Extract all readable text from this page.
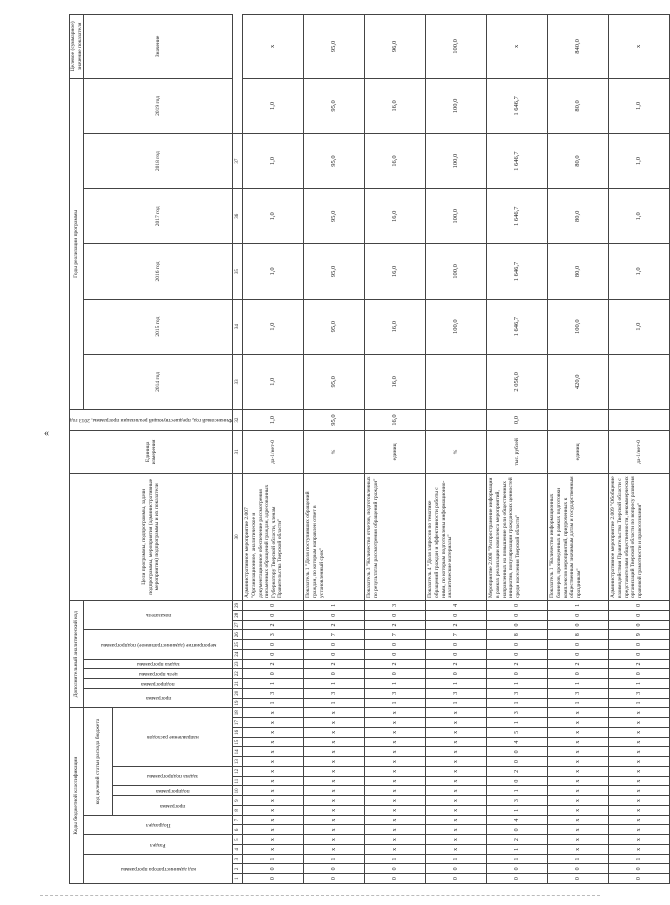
«
Коды бюджетной классификации																		Дополнительный аналитический код											Цели программы, подпрограммы, задачи подпрограммы, мероприятия (административные мероприятия) подпрограммы и их показатели	Единица измерения	Финансовый год, предшествующий реализации программы, 2013 год	Годы реализации программы						Целевое (суммарное) значение показателя

код администратора программы			Раздел		Подраздел		код целевой статьи расхода бюджета											программа		подпрограмма	цель программы	задача программы	мероприятие (административное) подпрограммы			показатель						2014 год	2015 год	2016 год	2017 год	2018 год	2019 год	Значение

							программа		подпрограмма	задача подпрограммы		направление расходов																										

1	2	3	4	5	6	7	8	9	10	11	12	13	14	15	16	17	18	19	20	21	22	23	24	25	26	27	28	29	30	31	32	33	34	35	36	37		
0	0	1	x	x	x	x	x	x	x	x	x	x	x	x	x	x	x	1	3	1	0	2	0	0	3	2	0	0	Административное мероприятие 2.007 "Организационное, аналитическое и документационное обеспечение рассмотрения письменных обращений граждан, адресованных Губернатору Тверской области, членам Правительства Тверской области"	да-1/нет-0	1,0	1,0	1,0	1,0	1,0	1,0	1,0	x
0	0	1	x	x	x	x	x	x	x	x	x	x	x	x	x	x	x	1	3	1	0	2	0	0	7	2	0	1	Показатель 1 "Доля поступивших обращений граждан, по которым направлен ответ в установленный срок"	%	95,0	95,0	95,0	95,0	95,0	95,0	95,0	95,0
0	0	1	x	x	x	x	x	x	x	x	x	x	x	x	x	x	x	1	3	1	0	2	0	0	7	2	0	3	Показатель 3 "Количество отчетов, подготовленных по результатам рассмотрения обращений граждан"	единиц	16,0	16,0	16,0	16,0	16,0	16,0	16,0	96,0
0	0	1	x	x	x	x	x	x	x	x	x	x	x	x	x	x	x	1	3	1	0	2	0	0	7	2	0	4	Показатель 4 "Доля запросов по тематике обращений граждан и эффективности работы с ними, по которым подготовлены информационно-аналитические материалы"	%			100,0	100,0	100,0	100,0	100,0	100,0
0	0	1	1	2	0	4	1	3	1	0	2	0	0	4	5	1	3	1	3	1	0	2	0	0	8	0	0	0	Мероприятие 2.008 "Распространение информации в рамках реализации комплекса мероприятий, направленных на повышение роли общественных инициатив, популяризации гражданских ценностей среди населения Тверской области"	тыс. рублей	0,0	2 056,0	1 646,7	1 646,7	1 646,7	1 646,7	1 646,7	x
0	0	1	x	x	x	x	x	x	x	x	x	x	x	x	x	x	x	1	3	1	0	2	0	0	8	0	0	1	Показатель 1 "Количество информационных баннеров, произведенных в рамках подготовки комплексов мероприятий, приуроченных к общественным значимым датам и государственным праздникам"	единиц		420,0	100,0	80,0	80,0	80,0	80,0	840,0
0	0	1	x	x	x	x	x	x	x	x	x	x	x	x	x	x	x	1	3	1	0	2	0	0	9	0	0	0	Административное мероприятие 2.009 "Обобщение взаимодействия Правительства Тверской области с представителями общественности, некоммерческих организаций Тверской области по вопросу развития правовой грамотности и правосознания"	да-1/нет-0			1,0	1,0	1,0	1,0	1,0	x
